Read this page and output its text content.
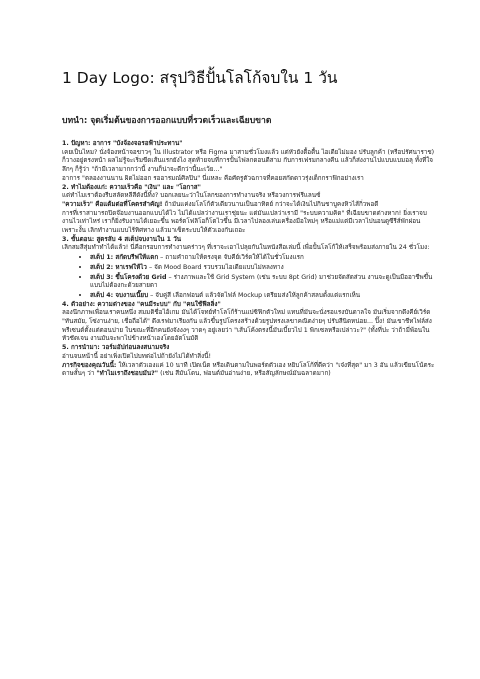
1 Day Logo: สรุปวิธีปั้นโลโก้จบใน 1 วัน

บทนำ: จุดเริ่มต้นของการออกแบบที่รวดเร็วและเฉียบขาด

1. ปัญหา: อาการ "บังจ้องจอรอฟ้าประทาน"

เคยเป็นไหม? นั่งจ้องหน้าจอขาวๆ ใน Illustrator หรือ Figma มาสามชั่วโมงแล้ว แต่หัวยังตื้อตื้น ไอเดียไม่มอง ปรับลูกค้า (หรือปรัศนาราช) ก็วางอยู่ตรงหน้า ผลไม่รู้จะเริ่มขีดเส้นแรกยังไง สุดท้ายจบที่การปั้นไฟลกดอนดีสาม กับการเฟรมกลางคืน แล้วก็ส่งงานไปแบบแบมอลุ ทั้งที่ใจลึกๆ ก็รู้ว่า "ถ้ามีเวลามากกว่านี้ งานก็น่าจะดีกว่านี้นะเว้ย..."

อาการ "ตลองงานนาน ผิดไม่ออก รออารมณ์ศิลปิน" นี่แหละ คือศัตรูตัวฉกาจที่คอยสกัดดาวรุ่งเด็กกราฟิกอย่างเรา

2. ทำไมต้องแก่: ความเร็วคือ "เงิน" และ "โอกาส"

แต่ทำไมเราต้องรีบสลัดหลีสีดังนี้ทิ้ง? บอกเลยนะว่าในโลกของการทำงานจริง หรือวงการฟรีแลนซ์

"ความเร็ว" คือแต้มต่อที่โคตรสำคัญ! ถ้ามันแค่งมโลโก้ตัวเดียวนานเป็นอาทิตย์ กว่าจะได้เงินไปกินชาบูคงหิวไส้กิ่วพอดี

การที่เราสามารถปิดจ๊อบงานออกแบบได้ไว ไม่ได้แปลว่างานเราชุ่ยนะ แต่มันแปลว่าเรามี "ระบบความคิด" ที่เฉียบขาดต่างหาก! ยิ่งเราจบงานไวเท่าไหร่ เราก็ยิ่งรับงานได้เยอะขึ้น พอร์ตโฟลิโอก็โตไวขึ้น มีเวลาไปลองเล่นเครื่องมือใหม่ๆ หรือแม่แต่มีเวลาไปนอนดูซีรีส์พักผ่อน เพราะงั้น เลิกทำงานแบบไร้ทิศทาง แล้วมาเซ็ตระบบให้ตัวเองกันเถอะ

3. ขั้นตอน: สูตรลับ 4 สเต็ปจบงานใน 1 วัน

เลิกสมสีสุ่มทำทำได้แล้ว! นี่คือกรอบการทำงานคร่าวๆ ที่เราจะเอาไปลุยกันในหนังสือเล่มนี้ เพื่อปั้นโลโก้ให้เสร็จพร้อมส่งภายใน 24 ชั่วโมง:

• สเต็ป 1: สกัดบรีฟให้แตก – ถามคำถามให้ตรงจุด จับคีย์เวิร์ดให้ได้ในชั่วโมงแรก
• สเต็ป 2: หาเรฟให้ไว – จัด Mood Board รวบรวมไอเดียแบบไม่หลงทาง
• สเต็ป 3: ขึ้นโครงด้วย Grid – ร่างภาพและใช้ Grid System (เช่น ระบบ 8pt Grid) มาช่วยจัดสัดส่วน งานจะดูเป็นมืออาชีพขึ้นแบบไม่ต้องกะด้วยสายตา
• สเต็ป 4: จบงานเนี๊ยบ – จับคู่สี เลือกฟอนต์ แล้วจัดไฟล์ Mockup เตรียมส่งให้ลูกค้าสลบดั้งแต่แรกเห็น

4. ตัวอย่าง: ความต่างของ "คนมีระบบ" กับ "คนใช้ฟีลลิ่ง"

ลองนึกภาพเพื่อนเราคนหนึ่ง สมมติชื่อไอ้เกม มันได้โจทย์ทำโลโก้ร้านแปซิฟิกตัวใหม่ แทนที่มันจะนั่งรอแรงบันดาลใจ มันเริ่มจากดึงคีย์เวิร์ด "ทันสมัย, โซ่งานง่าย, เชื่อถือได้" ดึงเรฟมาเรียงกัน แล้วขึ้นรูปโครงสร้างด้วยรูปทรงเลขาคณิตง่ายๆ ปรับสีนิดหน่อย... ปิ๊ง! มันเขาชีทไฟล์ส่งพรีเซนต์ตั้งแต่ตอนบ่าย ในขณะที่อีกคนยังจังงงๆ วาดๆ อยู่เลยว่า "เส้นโค้งตรงนี้มันเบี้ยวไป 1 พิกเซลหรือเปล่าวะ?" (ทั้งที่ปะ ว่าถ้ามี่พ้อนในหัวชัดเจน งานมันจะพาไปข้างหน้าเองโดยอัตโนมัติ

5. การนำมา: วอร์มอัปก่อนลงสนามจริง

อ่านจนหน้านี้ อย่าเพิ่งเปิดไปบทต่อไปถ้ายังไม่ได้ทำสิ่งนี้!

ภารกิจของคุณวันนี้: ให้เวลาตัวเองแค่ 10 นาที เปิดเน็ต หรือเดินตามในพอร์ตตัวเอง หยิบโลโก้ที่ดีคว่า "เจ๋งที่สุด" มา 3 อัน แล้วเขียนโน้ตระดาษสั้นๆ ว่า "ทำไมเราถึงชอบมัน?" (เช่น สีมันโดน, ฟอนต์มันอ่านง่าย, หรือสัญลักษณ์มันฉลาดมาก)
